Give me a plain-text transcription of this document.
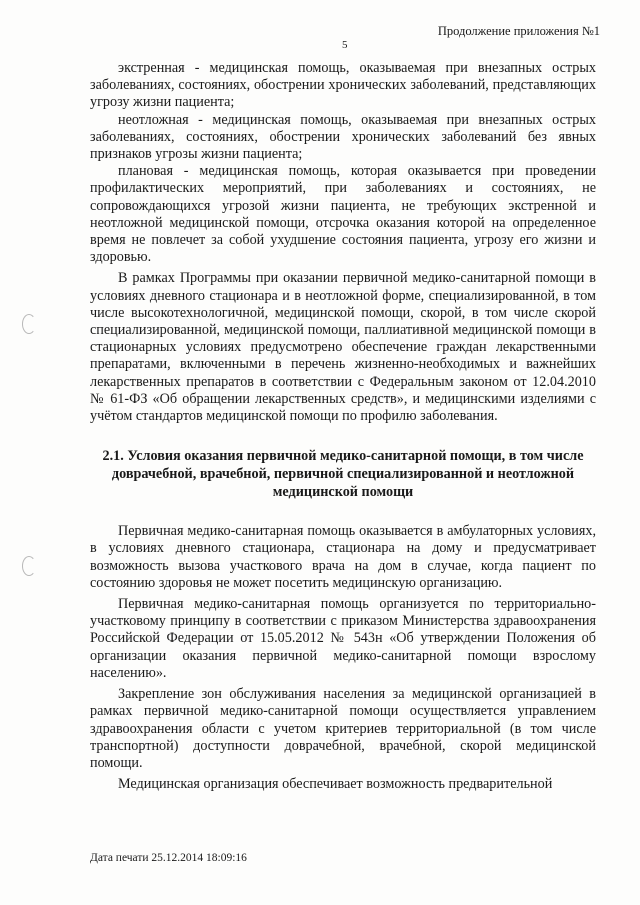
Продолжение приложения №1
5

экстренная - медицинская помощь, оказываемая при внезапных острых заболеваниях, состояниях, обострении хронических заболеваний, представляющих угрозу жизни пациента;

неотложная - медицинская помощь, оказываемая при внезапных острых заболеваниях, состояниях, обострении хронических заболеваний без явных признаков угрозы жизни пациента;

плановая - медицинская помощь, которая оказывается при проведении профилактических мероприятий, при заболеваниях и состояниях, не сопровождающихся угрозой жизни пациента, не требующих экстренной и неотложной медицинской помощи, отсрочка оказания которой на определенное время не повлечет за собой ухудшение состояния пациента, угрозу его жизни и здоровью.

В рамках Программы при оказании первичной медико-санитарной помощи в условиях дневного стационара и в неотложной форме, специализированной, в том числе высокотехнологичной, медицинской помощи, скорой, в том числе скорой специализированной, медицинской помощи, паллиативной медицинской помощи в стационарных условиях предусмотрено обеспечение граждан лекарственными препаратами, включенными в перечень жизненно-необходимых и важнейших лекарственных препаратов в соответствии с Федеральным законом от 12.04.2010 № 61-ФЗ «Об обращении лекарственных средств», и медицинскими изделиями с учётом стандартов медицинской помощи по профилю заболевания.

2.1. Условия оказания первичной медико-санитарной помощи, в том числе доврачебной, врачебной, первичной специализированной и неотложной медицинской помощи

Первичная медико-санитарная помощь оказывается в амбулаторных условиях, в условиях дневного стационара, стационара на дому и предусматривает возможность вызова участкового врача на дом в случае, когда пациент по состоянию здоровья не может посетить медицинскую организацию.

Первичная медико-санитарная помощь организуется по территориально-участковому принципу в соответствии с приказом Министерства здравоохранения Российской Федерации от 15.05.2012 № 543н «Об утверждении Положения об организации оказания первичной медико-санитарной помощи взрослому населению».

Закрепление зон обслуживания населения за медицинской организацией в рамках первичной медико-санитарной помощи осуществляется управлением здравоохранения области с учетом критериев территориальной (в том числе транспортной) доступности доврачебной, врачебной, скорой медицинской помощи.

Медицинская организация обеспечивает возможность предварительной

Дата печати 25.12.2014 18:09:16
